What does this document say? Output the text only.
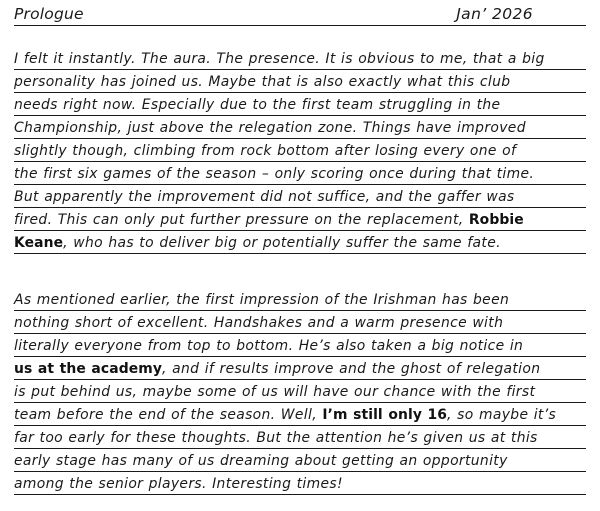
Prologue	Jan’ 2026
I felt it instantly. The aura. The presence. It is obvious to me, that a big
personality has joined us. Maybe that is also exactly what this club
needs right now. Especially due to the first team struggling in the
Championship, just above the relegation zone. Things have improved
slightly though, climbing from rock bottom after losing every one of
the first six games of the season – only scoring once during that time.
But apparently the improvement did not suffice, and the gaffer was
fired. This can only put further pressure on the replacement, Robbie
Keane, who has to deliver big or potentially suffer the same fate.
As mentioned earlier, the first impression of the Irishman has been
nothing short of excellent. Handshakes and a warm presence with
literally everyone from top to bottom. He’s also taken a big notice in
us at the academy, and if results improve and the ghost of relegation
is put behind us, maybe some of us will have our chance with the first
team before the end of the season. Well, I’m still only 16, so maybe it’s
far too early for these thoughts. But the attention he’s given us at this
early stage has many of us dreaming about getting an opportunity
among the senior players. Interesting times!
